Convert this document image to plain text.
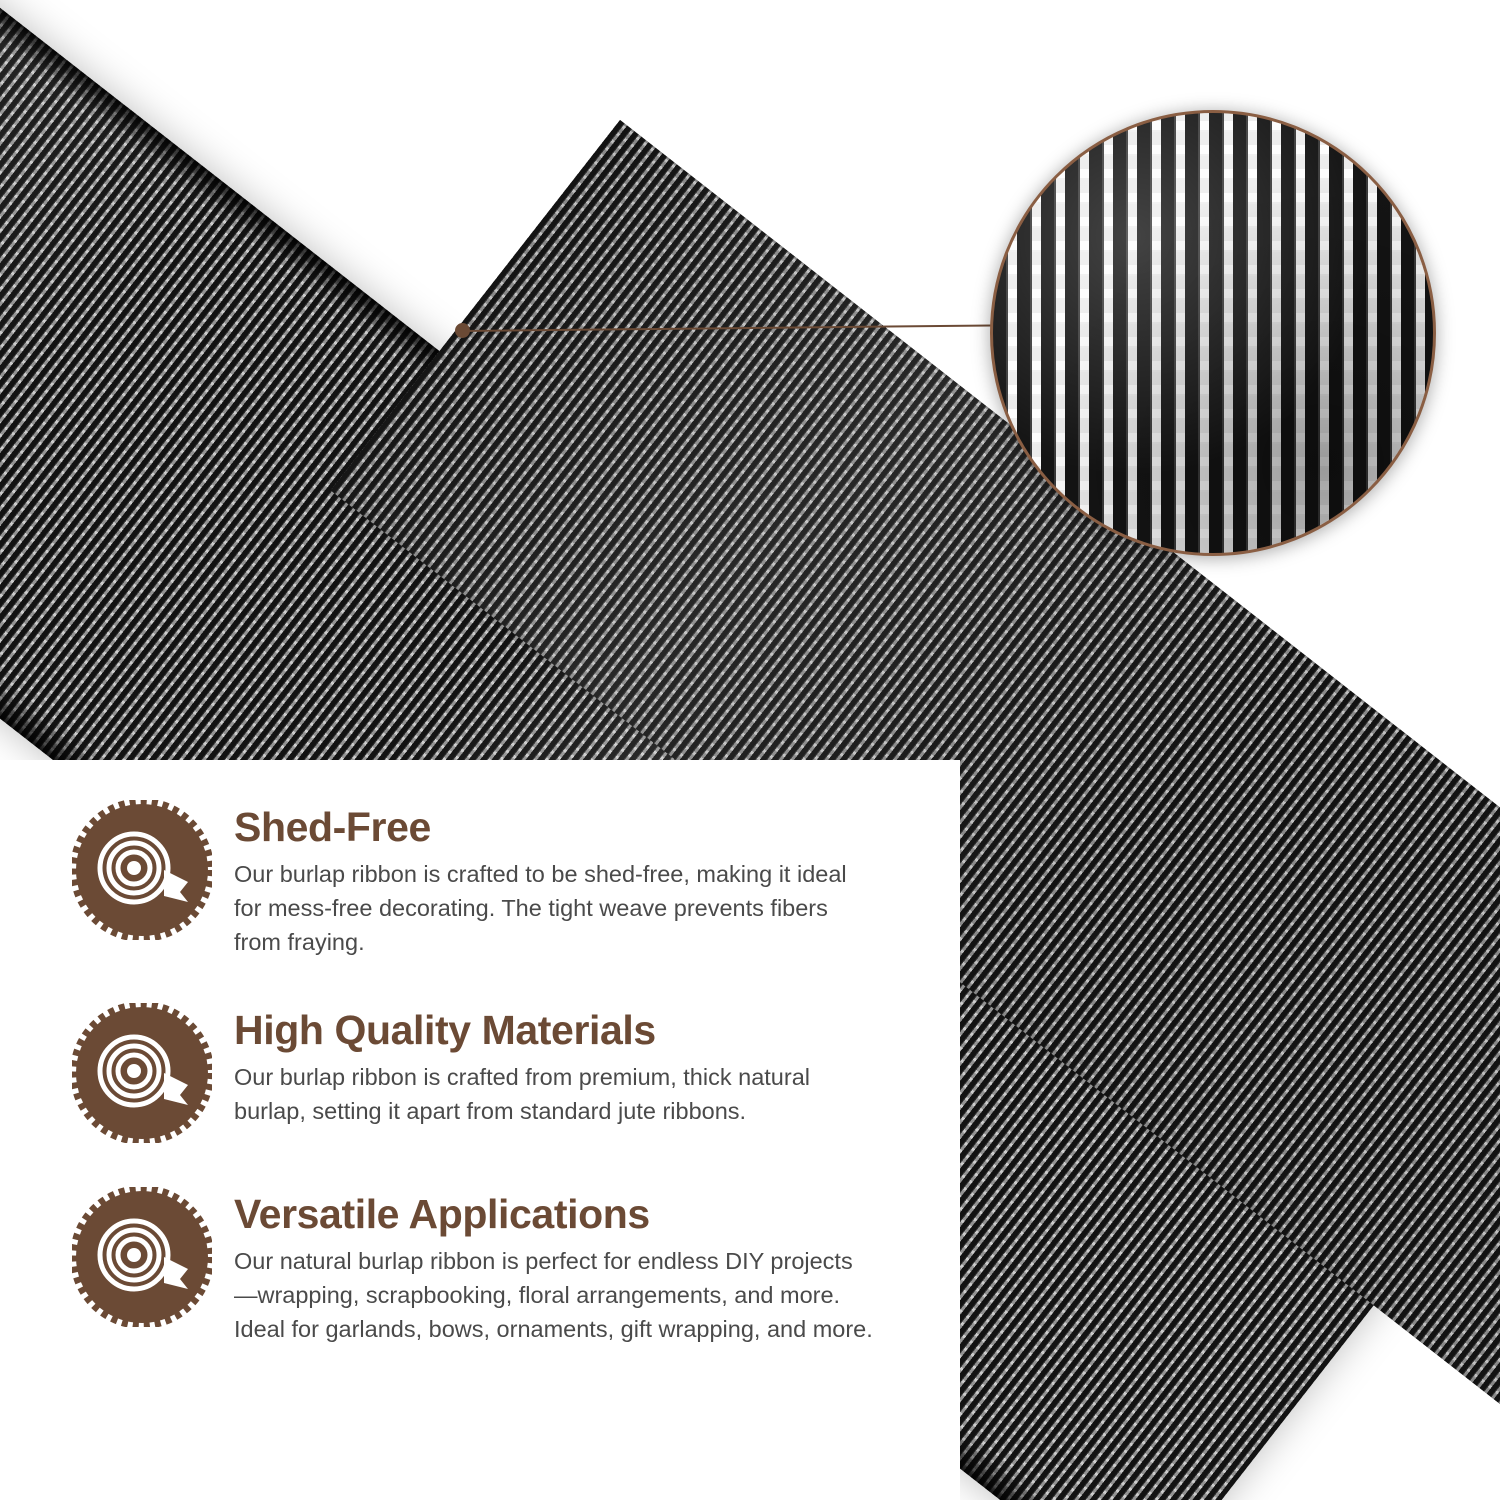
Shed-Free

Our burlap ribbon is crafted to be shed-free, making it ideal for mess-free decorating. The tight weave prevents fibers from fraying.

High Quality Materials

Our burlap ribbon is crafted from premium, thick natural burlap, setting it apart from standard jute ribbons.

Versatile Applications

Our natural burlap ribbon is perfect for endless DIY projects—wrapping, scrapbooking, floral arrangements, and more. Ideal for garlands, bows, ornaments, gift wrapping, and more.
